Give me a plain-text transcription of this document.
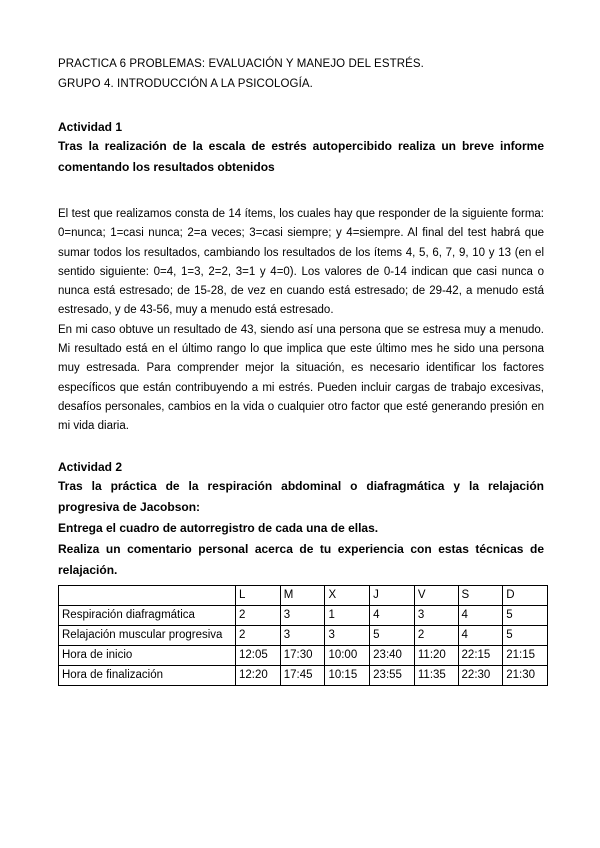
PRACTICA 6 PROBLEMAS: EVALUACIÓN Y MANEJO DEL ESTRÉS.
GRUPO 4. INTRODUCCIÓN A LA PSICOLOGÍA.
Actividad 1
Tras la realización de la escala de estrés autopercibido realiza un breve informe comentando los resultados obtenidos

El test que realizamos consta de 14 ítems, los cuales hay que responder de la siguiente forma: 0=nunca; 1=casi nunca; 2=a veces; 3=casi siempre; y 4=siempre. Al final del test habrá que sumar todos los resultados, cambiando los resultados de los ítems 4, 5, 6, 7, 9, 10 y 13 (en el sentido siguiente: 0=4, 1=3, 2=2, 3=1 y 4=0). Los valores de 0-14 indican que casi nunca o nunca está estresado; de 15-28, de vez en cuando está estresado; de 29-42, a menudo está estresado, y de 43-56, muy a menudo está estresado.

En mi caso obtuve un resultado de 43, siendo así una persona que se estresa muy a menudo. Mi resultado está en el último rango lo que implica que este último mes he sido una persona muy estresada. Para comprender mejor la situación, es necesario identificar los factores específicos que están contribuyendo a mi estrés. Pueden incluir cargas de trabajo excesivas, desafíos personales, cambios en la vida o cualquier otro factor que esté generando presión en mi vida diaria.

Actividad 2
Tras la práctica de la respiración abdominal o diafragmática y la relajación progresiva de Jacobson:
Entrega el cuadro de autorregistro de cada una de ellas.
Realiza un comentario personal acerca de tu experiencia con estas técnicas de relajación.
	L	M	X	J	V	S	D
Respiración diafragmática	2	3	1	4	3	4	5
Relajación muscular progresiva	2	3	3	5	2	4	5
Hora de inicio	12:05	17:30	10:00	23:40	11:20	22:15	21:15
Hora de finalización	12:20	17:45	10:15	23:55	11:35	22:30	21:30
